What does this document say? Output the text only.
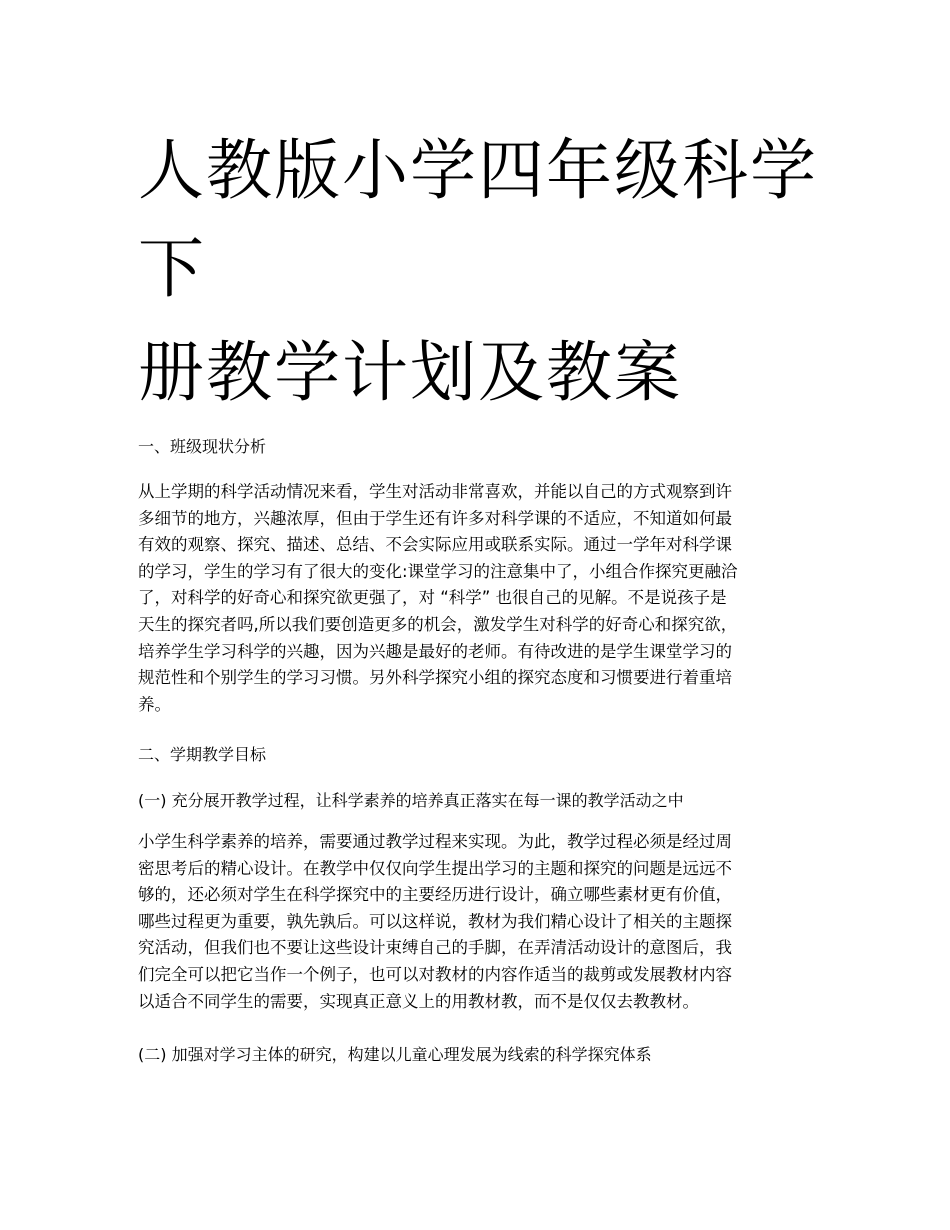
人教版小学四年级科学
下
册教学计划及教案

一、班级现状分析

从上学期的科学活动情况来看，学生对活动非常喜欢，并能以自己的方式观察到许
多细节的地方，兴趣浓厚，但由于学生还有许多对科学课的不适应，不知道如何最
有效的观察、探究、描述、总结、不会实际应用或联系实际。通过一学年对科学课
的学习，学生的学习有了很大的变化:课堂学习的注意集中了，小组合作探究更融洽
了，对科学的好奇心和探究欲更强了，对 “科学” 也很自己的见解。不是说孩子是
天生的探究者吗,所以我们要创造更多的机会，激发学生对科学的好奇心和探究欲，
培养学生学习科学的兴趣，因为兴趣是最好的老师。有待改进的是学生课堂学习的
规范性和个别学生的学习习惯。另外科学探究小组的探究态度和习惯要进行着重培
养。

二、学期教学目标

(一) 充分展开教学过程，让科学素养的培养真正落实在每一课的教学活动之中

小学生科学素养的培养，需要通过教学过程来实现。为此，教学过程必须是经过周
密思考后的精心设计。在教学中仅仅向学生提出学习的主题和探究的问题是远远不
够的，还必须对学生在科学探究中的主要经历进行设计，确立哪些素材更有价值，
哪些过程更为重要，孰先孰后。可以这样说，教材为我们精心设计了相关的主题探
究活动，但我们也不要让这些设计束缚自己的手脚，在弄清活动设计的意图后，我
们完全可以把它当作一个例子，也可以对教材的内容作适当的裁剪或发展教材内容
以适合不同学生的需要，实现真正意义上的用教材教，而不是仅仅去教教材。

(二) 加强对学习主体的研究，构建以儿童心理发展为线索的科学探究体系
